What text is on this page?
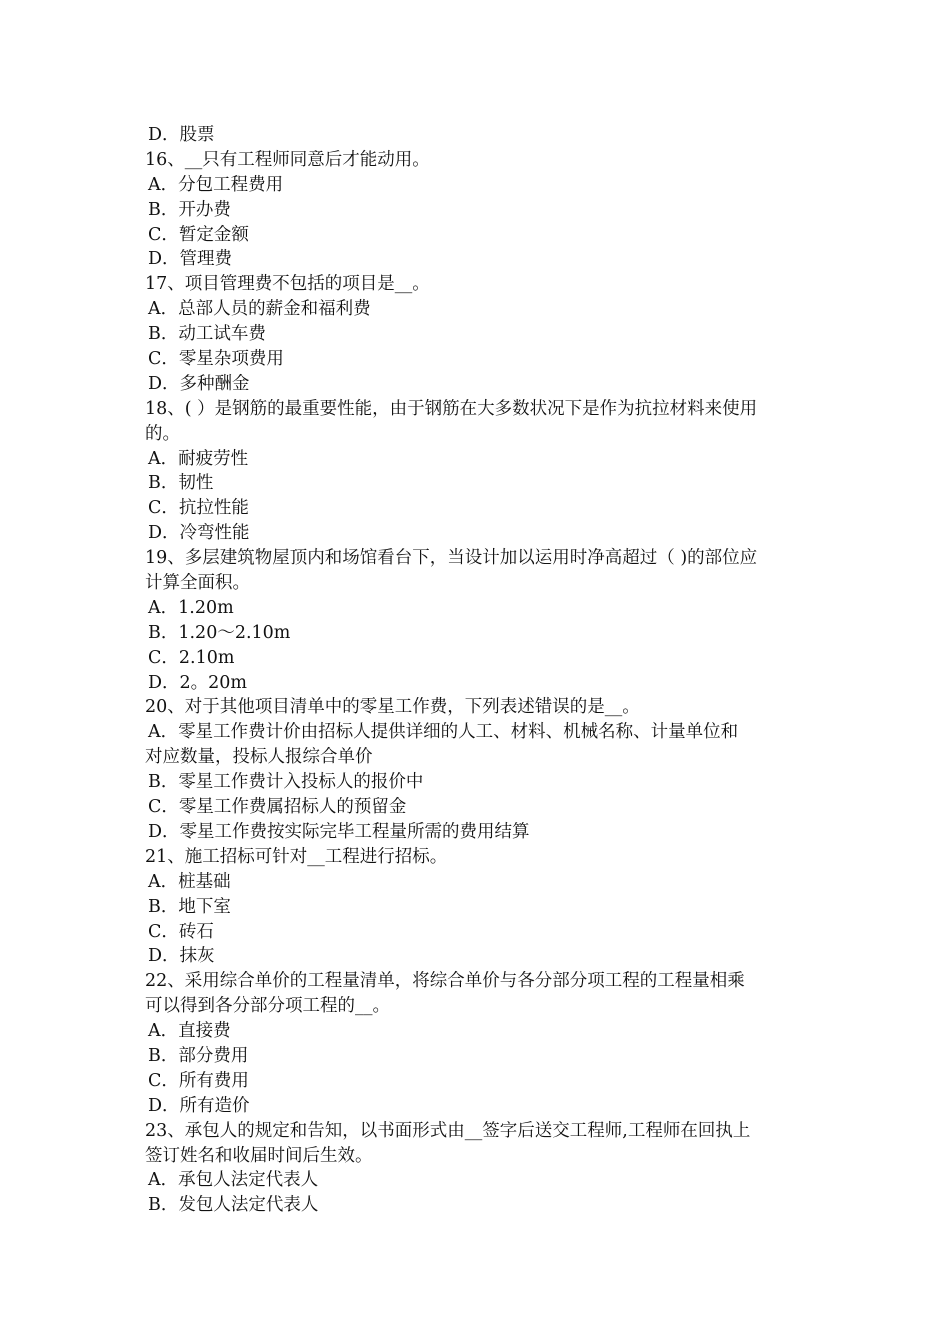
D．股票
16、__只有工程师同意后才能动用。
A．分包工程费用
B．开办费
C．暂定金额
D．管理费
17、项目管理费不包括的项目是__。
A．总部人员的薪金和福利费
B．动工试车费
C．零星杂项费用
D．多种酬金
18、( ）是钢筋的最重要性能，由于钢筋在大多数状况下是作为抗拉材料来使用
的。
A．耐疲劳性
B．韧性
C．抗拉性能
D．冷弯性能
19、多层建筑物屋顶内和场馆看台下，当设计加以运用时净高超过（ )的部位应
计算全面积。
A．1.20m
B．1.20～2.10m
C．2.10m
D．2。20m
20、对于其他项目清单中的零星工作费，下列表述错误的是__。
A．零星工作费计价由招标人提供详细的人工、材料、机械名称、计量单位和
对应数量，投标人报综合单价
B．零星工作费计入投标人的报价中
C．零星工作费属招标人的预留金
D．零星工作费按实际完毕工程量所需的费用结算
21、施工招标可针对__工程进行招标。
A．桩基础
B．地下室
C．砖石
D．抹灰
22、采用综合单价的工程量清单，将综合单价与各分部分项工程的工程量相乘
可以得到各分部分项工程的__。
A．直接费
B．部分费用
C．所有费用
D．所有造价
23、承包人的规定和告知，以书面形式由__签字后送交工程师,工程师在回执上
签订姓名和收届时间后生效。
A．承包人法定代表人
B．发包人法定代表人
